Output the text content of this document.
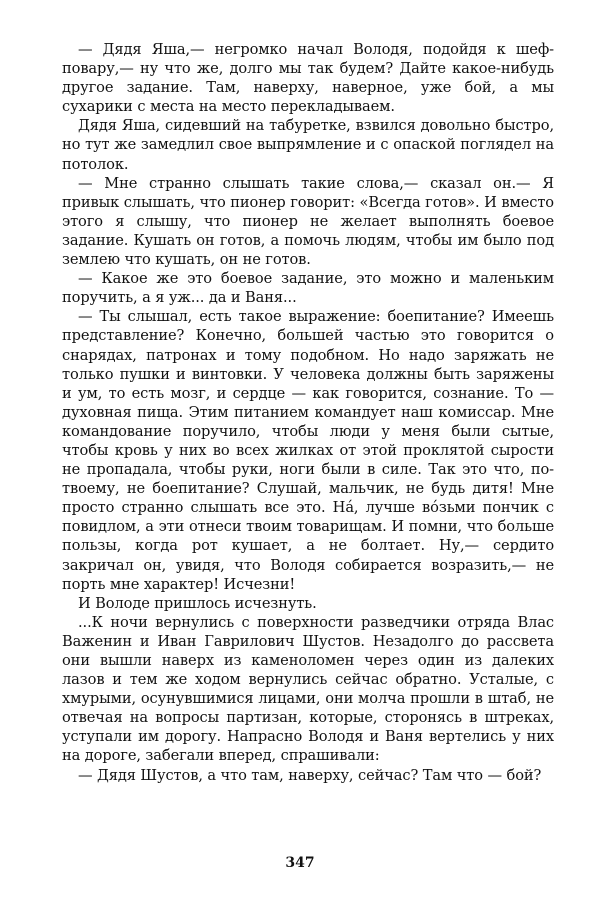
— Дядя Яша,— негромко начал Володя, подойдя к шеф-повару,— ну что же, долго мы так будем? Дайте какое-нибудь другое задание. Там, наверху, наверное, уже бой, а мы сухарики с места на место перекладываем.

Дядя Яша, сидевший на табуретке, взвился довольно быстро, но тут же замедлил свое выпрямление и с опаской поглядел на потолок.

— Мне странно слышать такие слова,— сказал он.— Я привык слышать, что пионер говорит: «Всегда готов». И вместо этого я слышу, что пионер не желает выполнять боевое задание. Кушать он готов, а помочь людям, чтобы им было под землею что кушать, он не готов.

— Какое же это боевое задание, это можно и маленьким поручить, а я уж... да и Ваня...

— Ты слышал, есть такое выражение: боепитание? Имеешь представление? Конечно, большей частью это говорится о снарядах, патронах и тому подобном. Но надо заряжать не только пушки и винтовки. У человека должны быть заряжены и ум, то есть мозг, и сердце — как говорится, сознание. То — духовная пища. Этим питанием командует наш комиссар. Мне командование поручило, чтобы люди у меня были сытые, чтобы кровь у них во всех жилках от этой проклятой сырости не пропадала, чтобы руки, ноги были в силе. Так это что, по-твоему, не боепитание? Слушай, мальчик, не будь дитя! Мне просто странно слышать все это. Нá, лучше вóзьми пончик с повидлом, а эти отнеси твоим товарищам. И помни, что больше пользы, когда рот кушает, а не болтает. Ну,— сердито закричал он, увидя, что Володя собирается возразить,— не порть мне характер! Исчезни!

И Володе пришлось исчезнуть.

...К ночи вернулись с поверхности разведчики отряда Влас Важенин и Иван Гаврилович Шустов. Незадолго до рассвета они вышли наверх из каменоломен через один из далеких лазов и тем же ходом вернулись сейчас обратно. Усталые, с хмурыми, осунувшимися лицами, они молча прошли в штаб, не отвечая на вопросы партизан, которые, сторонясь в штреках, уступали им дорогу. Напрасно Володя и Ваня вертелись у них на дороге, забегали вперед, спрашивали:

— Дядя Шустов, а что там, наверху, сейчас? Там что — бой?

347
